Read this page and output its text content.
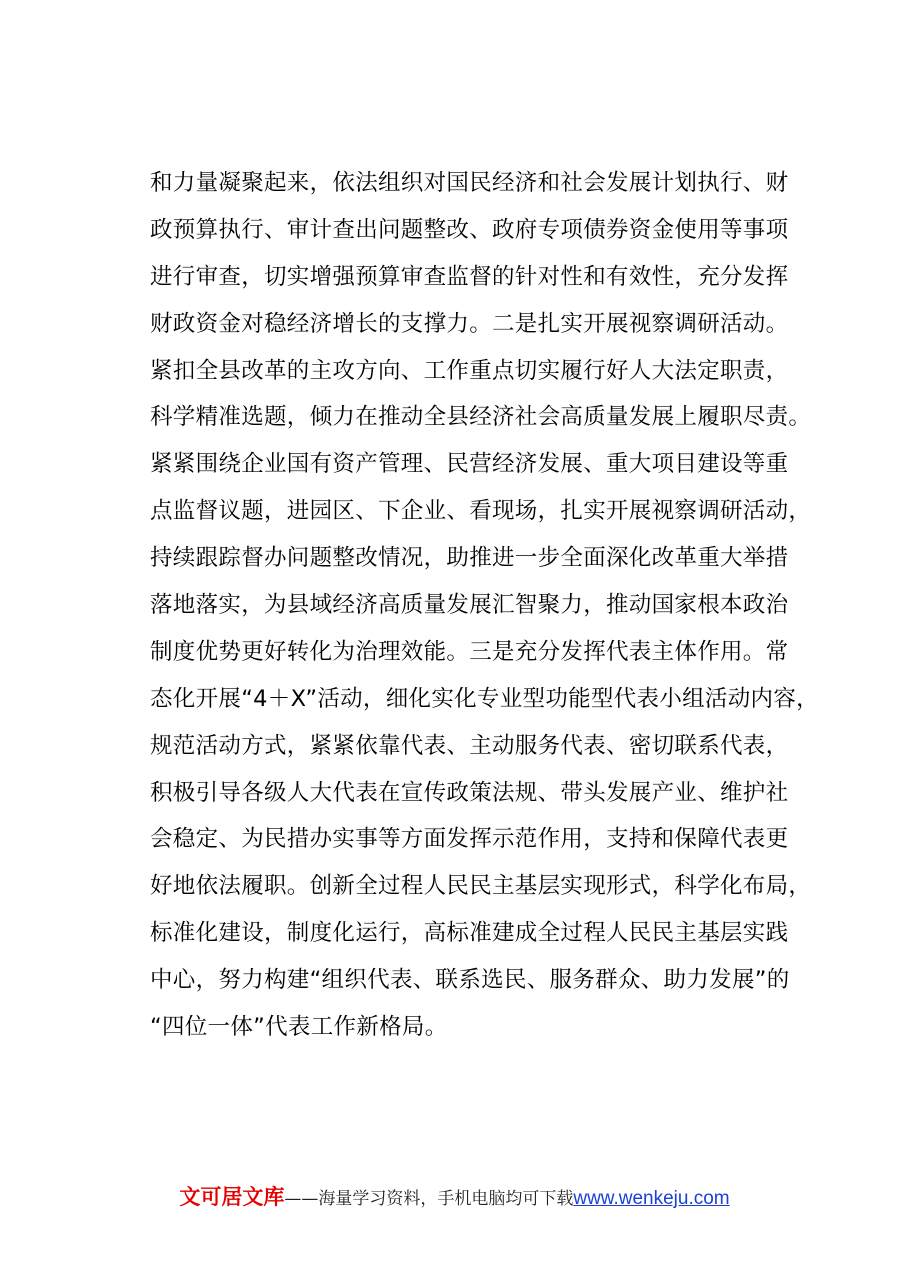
和力量凝聚起来，依法组织对国民经济和社会发展计划执行、财
政预算执行、审计查出问题整改、政府专项债券资金使用等事项
进行审查，切实增强预算审查监督的针对性和有效性，充分发挥
财政资金对稳经济增长的支撑力。二是扎实开展视察调研活动。
紧扣全县改革的主攻方向、工作重点切实履行好人大法定职责，
科学精准选题，倾力在推动全县经济社会高质量发展上履职尽责。
紧紧围绕企业国有资产管理、民营经济发展、重大项目建设等重
点监督议题，进园区、下企业、看现场，扎实开展视察调研活动，
持续跟踪督办问题整改情况，助推进一步全面深化改革重大举措
落地落实，为县域经济高质量发展汇智聚力，推动国家根本政治
制度优势更好转化为治理效能。三是充分发挥代表主体作用。常
态化开展“4＋X”活动，细化实化专业型功能型代表小组活动内容，
规范活动方式，紧紧依靠代表、主动服务代表、密切联系代表，
积极引导各级人大代表在宣传政策法规、带头发展产业、维护社
会稳定、为民措办实事等方面发挥示范作用，支持和保障代表更
好地依法履职。创新全过程人民民主基层实现形式，科学化布局，
标准化建设，制度化运行，高标准建成全过程人民民主基层实践
中心，努力构建“组织代表、联系选民、服务群众、助力发展”的
“四位一体”代表工作新格局。
文可居文库——海量学习资料，手机电脑均可下载www.wenkeju.com
